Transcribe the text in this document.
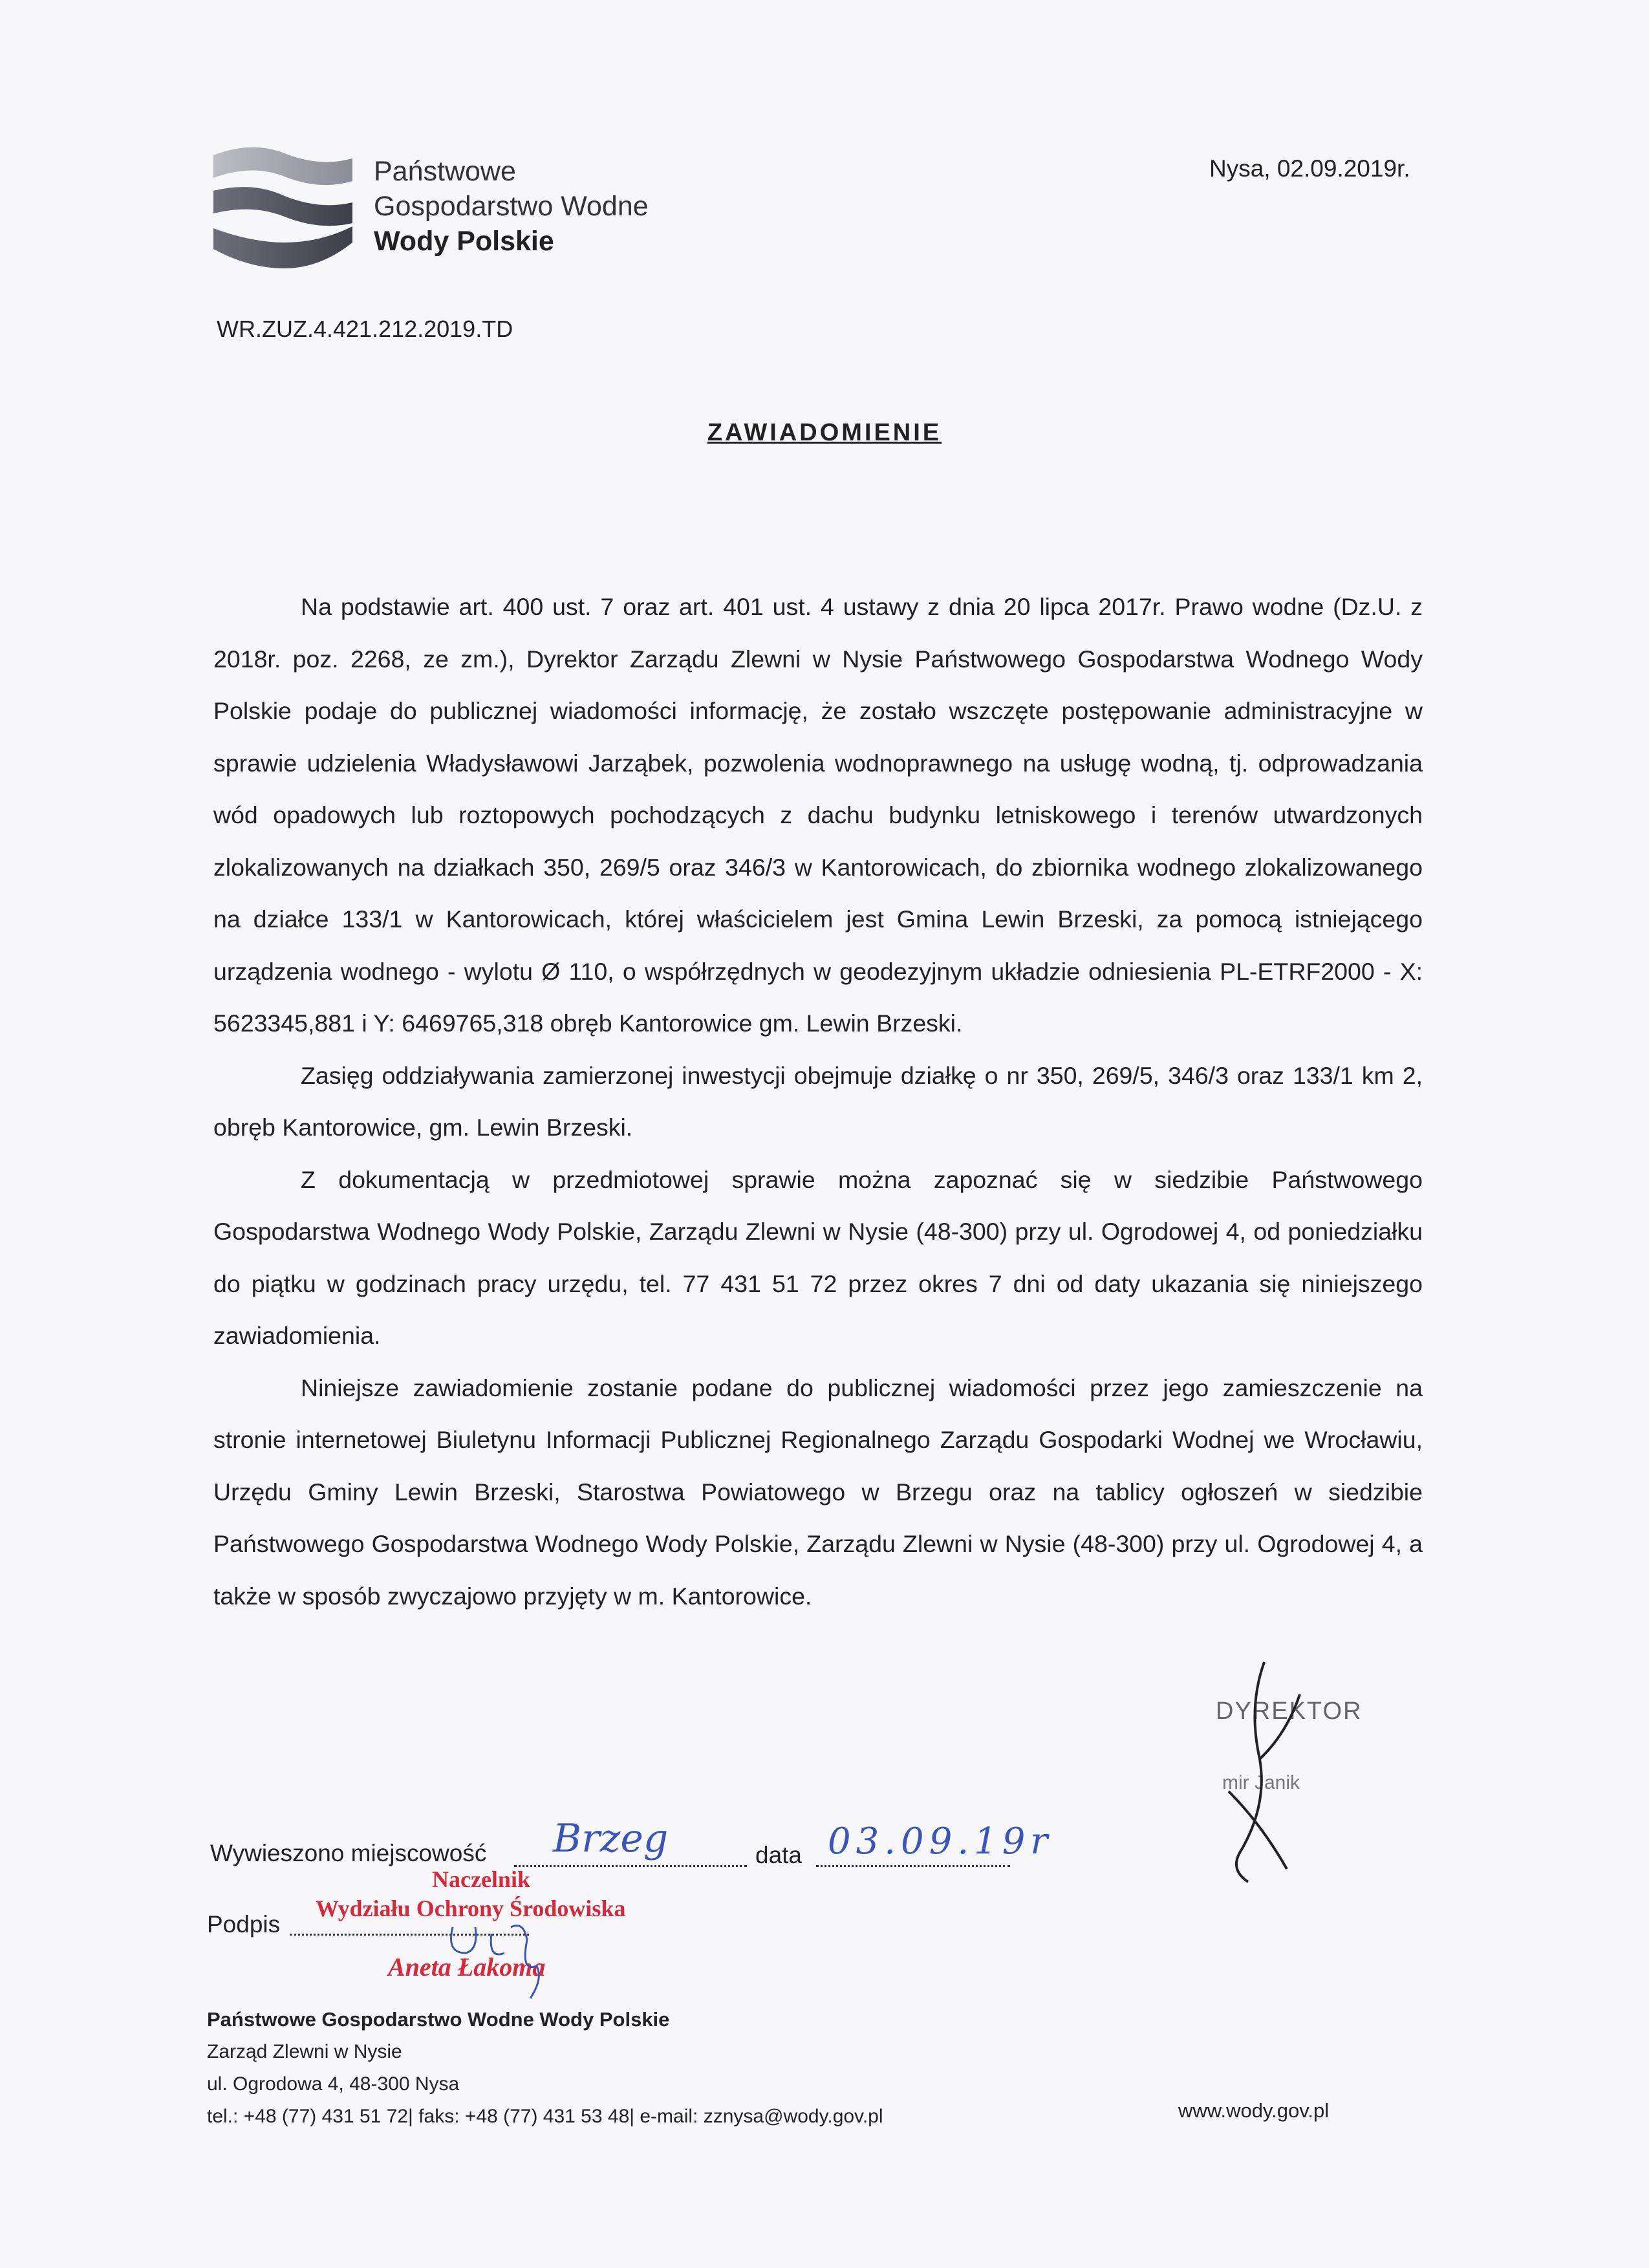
Państwowe
Gospodarstwo Wodne
Wody Polskie
Nysa, 02.09.2019r.
WR.ZUZ.4.421.212.2019.TD
ZAWIADOMIENIE

Na podstawie art. 400 ust. 7 oraz art. 401 ust. 4 ustawy z dnia 20 lipca 2017r. Prawo wodne (Dz.U. z 2018r. poz. 2268, ze zm.), Dyrektor Zarządu Zlewni w Nysie Państwowego Gospodarstwa Wodnego Wody Polskie podaje do publicznej wiadomości informację, że zostało wszczęte postępowanie administracyjne w sprawie udzielenia Władysławowi Jarząbek, pozwolenia wodnoprawnego na usługę wodną, tj. odprowadzania wód opadowych lub roztopowych pochodzących z dachu budynku letniskowego i terenów utwardzonych zlokalizowanych na działkach 350, 269/5 oraz 346/3 w Kantorowicach, do zbiornika wodnego zlokalizowanego na działce 133/1 w Kantorowicach, której właścicielem jest Gmina Lewin Brzeski, za pomocą istniejącego urządzenia wodnego - wylotu Ø 110, o współrzędnych w geodezyjnym układzie odniesienia PL-ETRF2000 - X: 5623345,881 i Y: 6469765,318 obręb Kantorowice gm. Lewin Brzeski.

Zasięg oddziaływania zamierzonej inwestycji obejmuje działkę o nr 350, 269/5, 346/3 oraz 133/1 km 2, obręb Kantorowice, gm. Lewin Brzeski.

Z dokumentacją w przedmiotowej sprawie można zapoznać się w siedzibie Państwowego Gospodarstwa Wodnego Wody Polskie, Zarządu Zlewni w Nysie (48-300) przy ul. Ogrodowej 4, od poniedziałku do piątku w godzinach pracy urzędu, tel. 77 431 51 72 przez okres 7 dni od daty ukazania się niniejszego zawiadomienia.

Niniejsze zawiadomienie zostanie podane do publicznej wiadomości przez jego zamieszczenie na stronie internetowej Biuletynu Informacji Publicznej Regionalnego Zarządu Gospodarki Wodnej we Wrocławiu, Urzędu Gminy Lewin Brzeski, Starostwa Powiatowego w Brzegu oraz na tablicy ogłoszeń w siedzibie Państwowego Gospodarstwa Wodnego Wody Polskie, Zarządu Zlewni w Nysie (48-300) przy ul. Ogrodowej 4, a także w sposób zwyczajowo przyjęty w m. Kantorowice.

DYREKTOR
mir Janik
Wywieszono miejscowość Brzeg	data 03.09.19r
Podpis
Naczelnik
Wydziału Ochrony Środowiska
Aneta Łakoma
Państwowe Gospodarstwo Wodne Wody Polskie
Zarząd Zlewni w Nysie
ul. Ogrodowa 4, 48-300 Nysa
tel.: +48 (77) 431 51 72| faks: +48 (77) 431 53 48| e-mail: zznysa@wody.gov.pl	www.wody.gov.pl
